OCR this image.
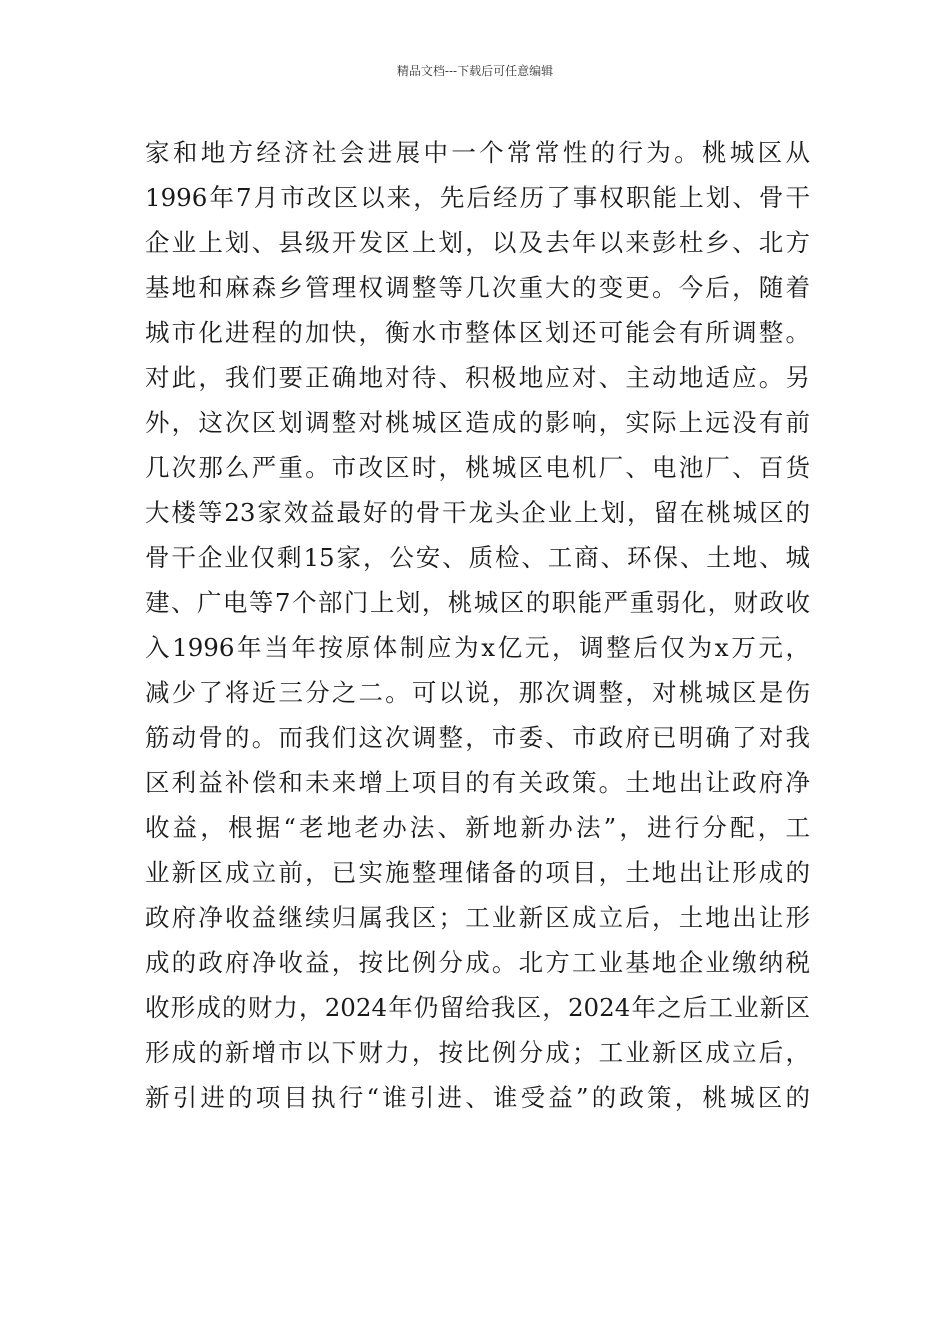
精品文档---下载后可任意编辑
家和地方经济社会进展中一个常常性的行为。桃城区从
1996年7月市改区以来，先后经历了事权职能上划、骨干
企业上划、县级开发区上划，以及去年以来彭杜乡、北方
基地和麻森乡管理权调整等几次重大的变更。今后，随着
城市化进程的加快，衡水市整体区划还可能会有所调整。
对此，我们要正确地对待、积极地应对、主动地适应。另
外，这次区划调整对桃城区造成的影响，实际上远没有前
几次那么严重。市改区时，桃城区电机厂、电池厂、百货
大楼等23家效益最好的骨干龙头企业上划，留在桃城区的
骨干企业仅剩15家，公安、质检、工商、环保、土地、城
建、广电等7个部门上划，桃城区的职能严重弱化，财政收
入1996年当年按原体制应为x亿元，调整后仅为x万元，
减少了将近三分之二。可以说，那次调整，对桃城区是伤
筋动骨的。而我们这次调整，市委、市政府已明确了对我
区利益补偿和未来增上项目的有关政策。土地出让政府净
收益，根据“老地老办法、新地新办法”，进行分配，工
业新区成立前，已实施整理储备的项目，土地出让形成的
政府净收益继续归属我区；工业新区成立后，土地出让形
成的政府净收益，按比例分成。北方工业基地企业缴纳税
收形成的财力，2024年仍留给我区，2024年之后工业新区
形成的新增市以下财力，按比例分成；工业新区成立后，
新引进的项目执行“谁引进、谁受益”的政策，桃城区的
